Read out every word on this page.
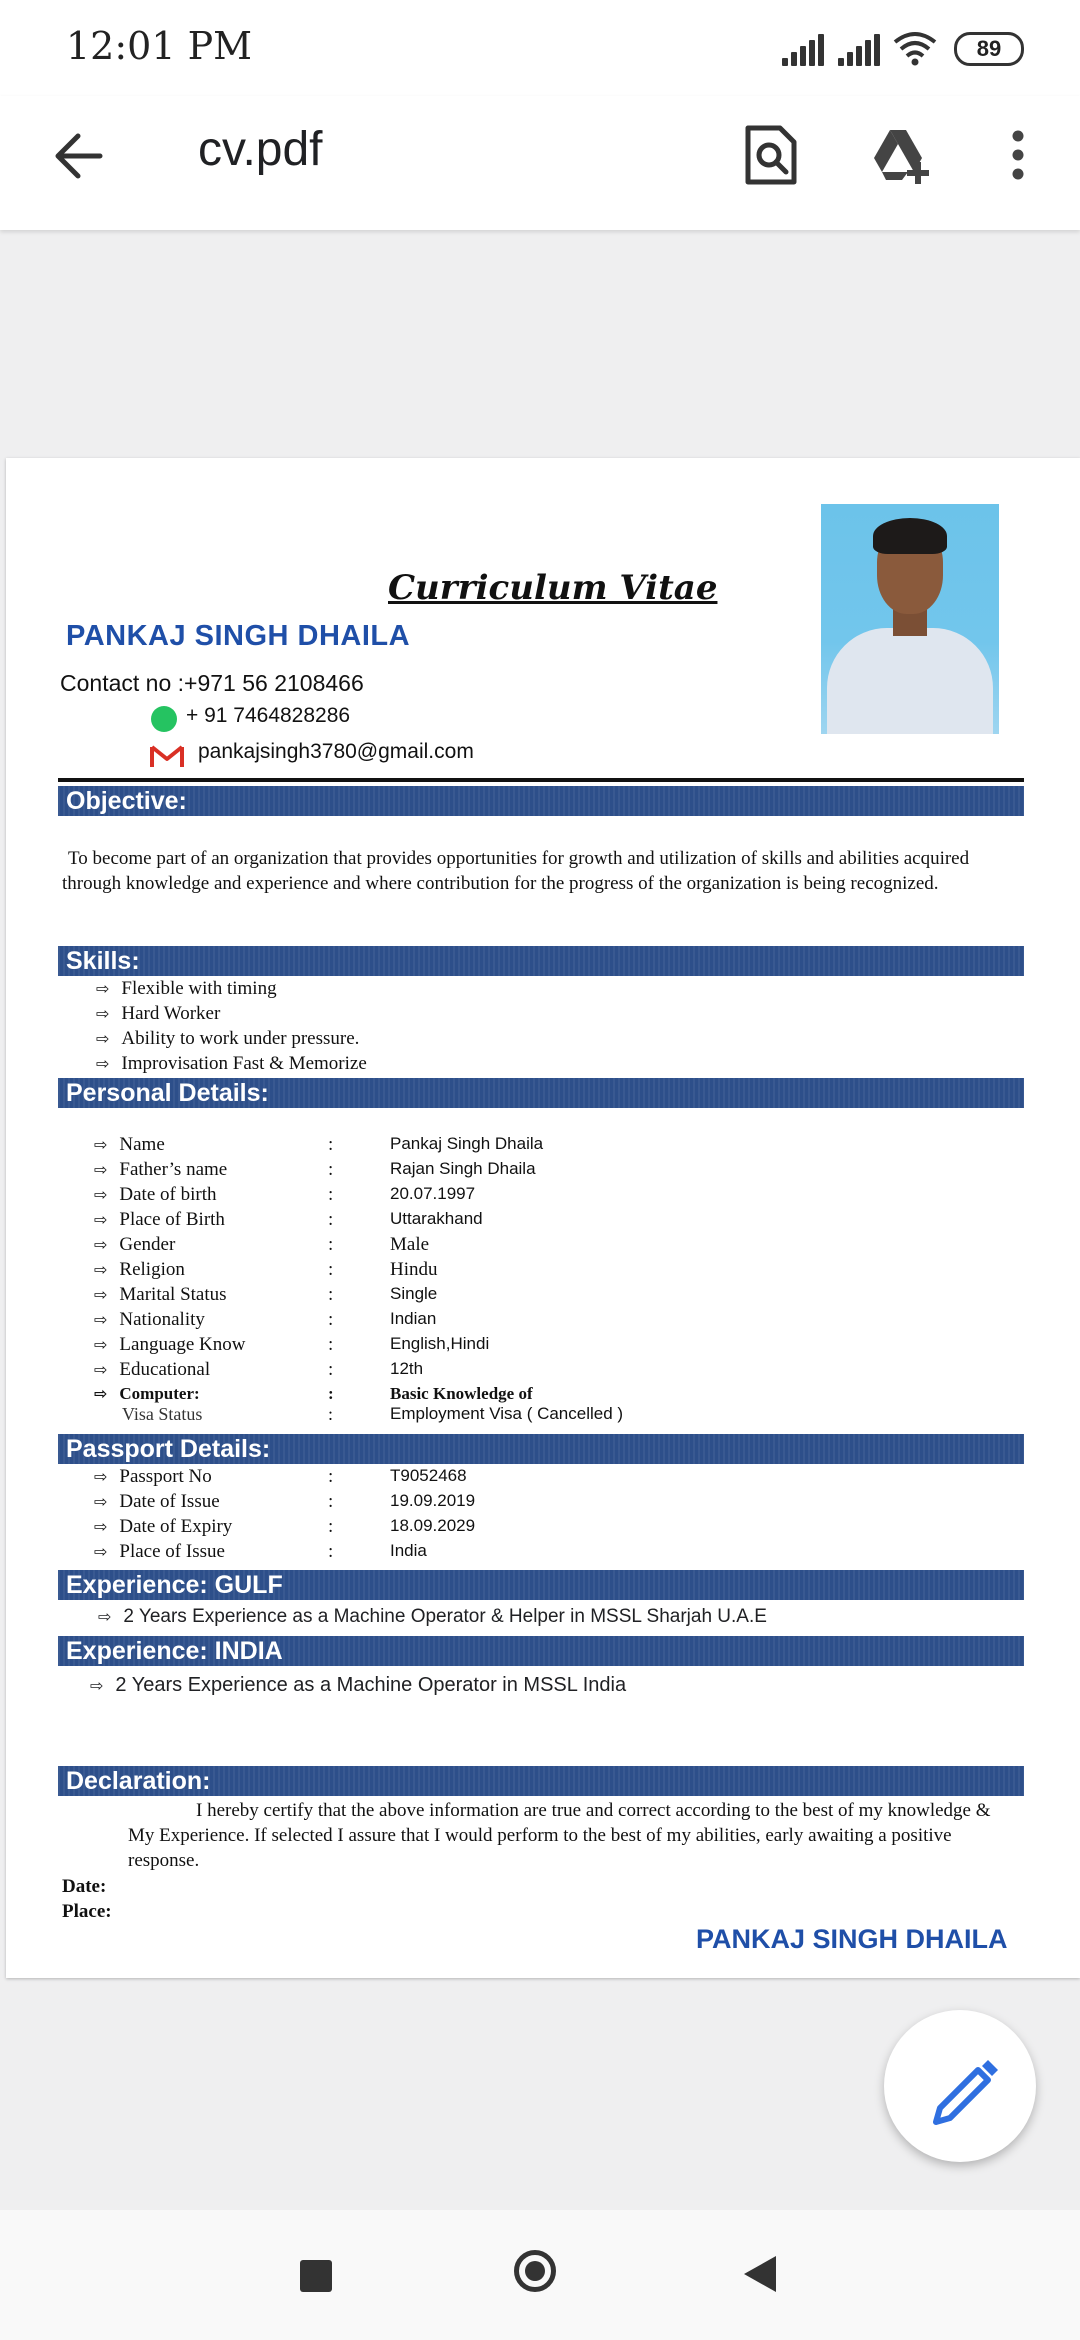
12:01 PM	89
cv.pdf
Curriculum Vitae
PANKAJ SINGH DHAILA
Contact no :+971 56 2108466
+ 91 7464828286
pankajsingh3780@gmail.com
Objective:
To become part of an organization that provides opportunities for growth and utilization of skills and abilities acquired through knowledge and experience and where contribution for the progress of the organization is being recognized.
Skills:
⇨ Flexible with timing
⇨ Hard Worker
⇨ Ability to work under pressure.
⇨ Improvisation Fast & Memorize
Personal Details:
⇨ Name	:	Pankaj Singh Dhaila
⇨ Father’s name	:	Rajan Singh Dhaila
⇨ Date of birth	:	20.07.1997
⇨ Place of Birth	:	Uttarakhand
⇨ Gender	:	Male
⇨ Religion	:	Hindu
⇨ Marital Status	:	Single
⇨ Nationality	:	Indian
⇨ Language Know	:	English,Hindi
⇨ Educational	:	12th
⇨ Computer:	:	Basic Knowledge of
Visa Status	:	Employment Visa ( Cancelled )
Passport Details:
⇨ Passport No	:	T9052468
⇨ Date of Issue	:	19.09.2019
⇨ Date of Expiry	:	18.09.2029
⇨ Place of Issue	:	India
Experience: GULF
⇨ 2 Years Experience as a Machine Operator & Helper in MSSL Sharjah U.A.E
Experience: INDIA
⇨ 2 Years Experience as a Machine Operator in MSSL India
Declaration:
I hereby certify that the above information are true and correct according to the best of my knowledge & My Experience. If selected I assure that I would perform to the best of my abilities, early awaiting a positive response.
Date:
Place:
PANKAJ SINGH DHAILA
